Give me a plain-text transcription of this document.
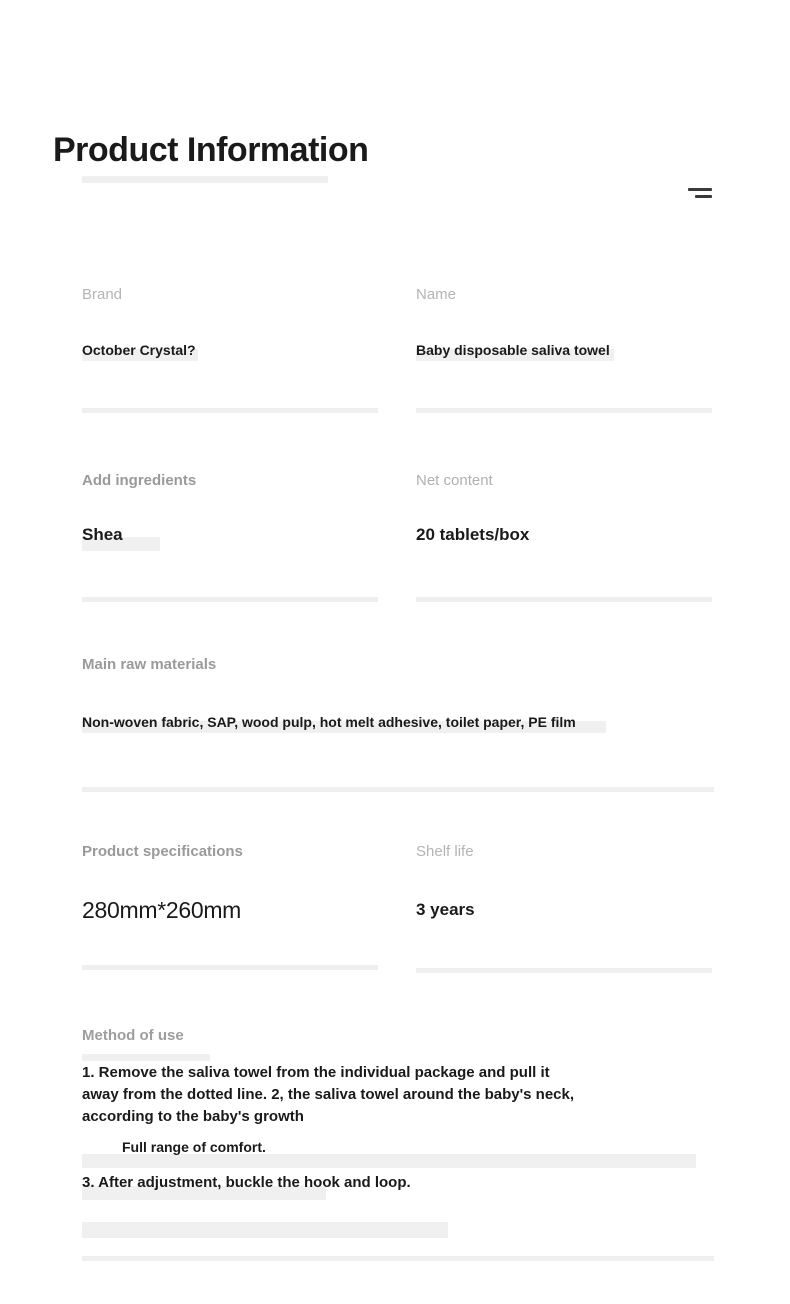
Product Information
Brand
October Crystal?
Name
Baby disposable saliva towel
Add ingredients
Shea
Net content
20 tablets/box
Main raw materials
Non-woven fabric, SAP, wood pulp, hot melt adhesive, toilet paper, PE film
Product specifications
280mm*260mm
Shelf life
3 years
Method of use
1. Remove the saliva towel from the individual package and pull it
away from the dotted line. 2, the saliva towel around the baby's neck,
according to the baby's growth
Full range of comfort.
3. After adjustment, buckle the hook and loop.
